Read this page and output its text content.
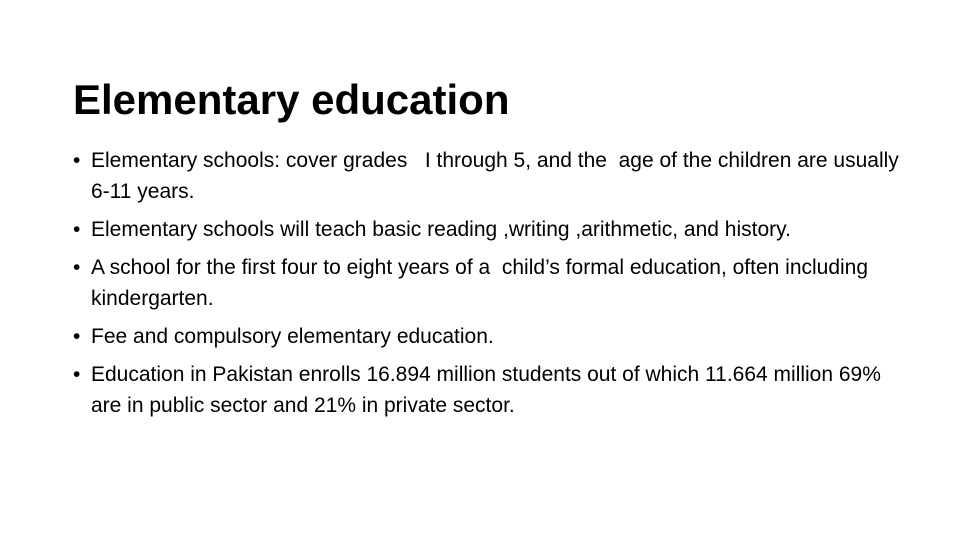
Elementary education
• Elementary schools: cover grades   I through 5, and the  age of the children are usually 6-11 years.
• Elementary schools will teach basic reading ,writing ,arithmetic, and history.
• A school for the first four to eight years of a  child’s formal education, often including kindergarten.
• Fee and compulsory elementary education.
• Education in Pakistan enrolls 16.894 million students out of which 11.664 million 69% are in public sector and 21% in private sector.
